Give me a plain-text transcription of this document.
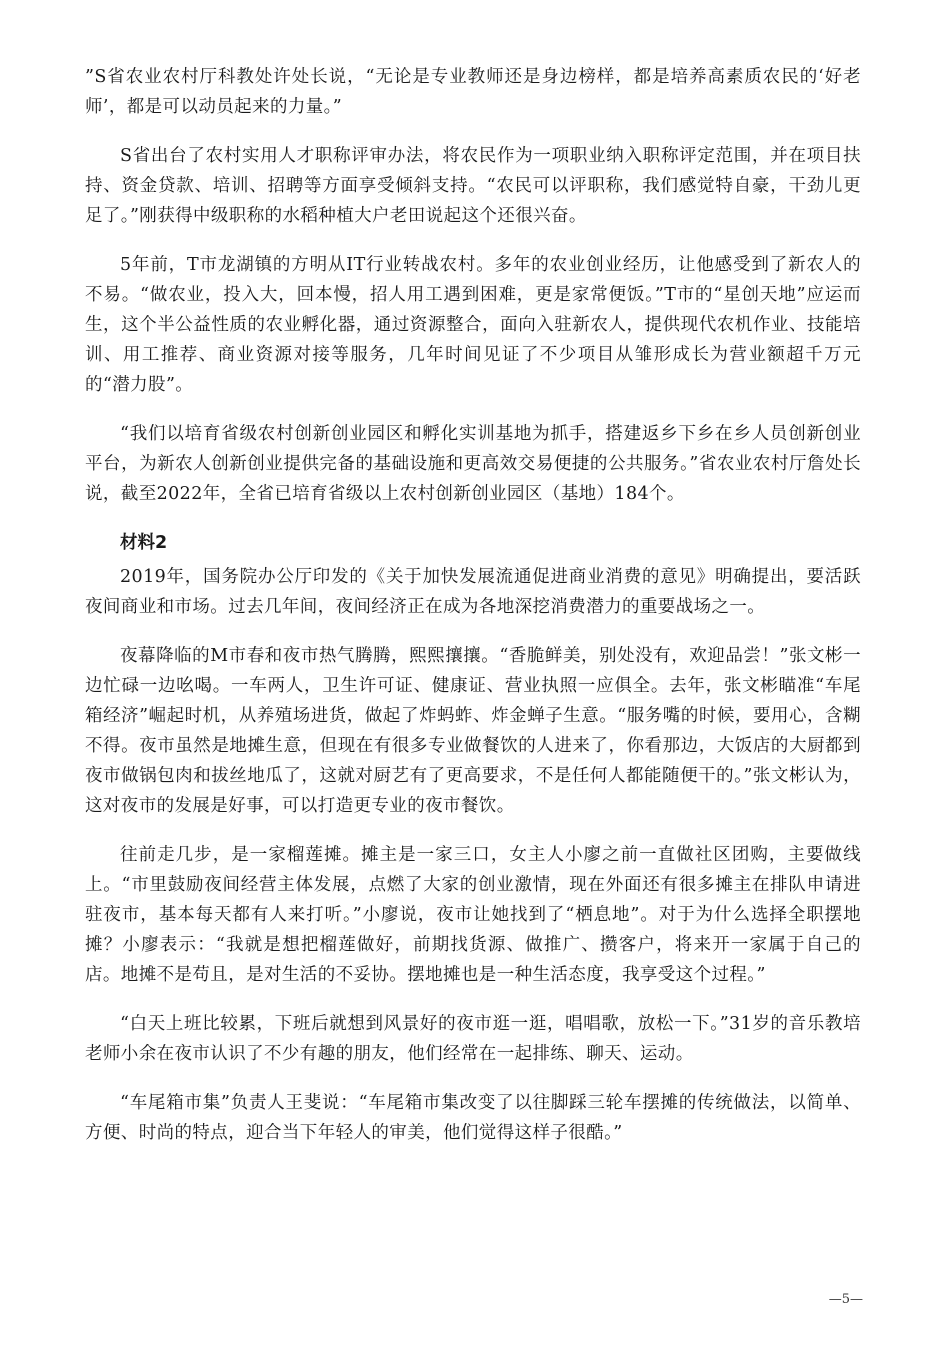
”S省农业农村厅科教处许处长说，“无论是专业教师还是身边榜样，都是培养高素质农民的‘好老师’，都是可以动员起来的力量。”

S省出台了农村实用人才职称评审办法，将农民作为一项职业纳入职称评定范围，并在项目扶持、资金贷款、培训、招聘等方面享受倾斜支持。“农民可以评职称，我们感觉特自豪，干劲儿更足了。”刚获得中级职称的水稻种植大户老田说起这个还很兴奋。

5年前，T市龙湖镇的方明从IT行业转战农村。多年的农业创业经历，让他感受到了新农人的不易。“做农业，投入大，回本慢，招人用工遇到困难，更是家常便饭。”T市的“星创天地”应运而生，这个半公益性质的农业孵化器，通过资源整合，面向入驻新农人，提供现代农机作业、技能培训、用工推荐、商业资源对接等服务，几年时间见证了不少项目从雏形成长为营业额超千万元的“潜力股”。

“我们以培育省级农村创新创业园区和孵化实训基地为抓手，搭建返乡下乡在乡人员创新创业平台，为新农人创新创业提供完备的基础设施和更高效交易便捷的公共服务。”省农业农村厅詹处长说，截至2022年，全省已培育省级以上农村创新创业园区（基地）184个。

材料2

2019年，国务院办公厅印发的《关于加快发展流通促进商业消费的意见》明确提出，要活跃夜间商业和市场。过去几年间，夜间经济正在成为各地深挖消费潜力的重要战场之一。

夜幕降临的M市春和夜市热气腾腾，熙熙攘攘。“香脆鲜美，别处没有，欢迎品尝！”张文彬一边忙碌一边吆喝。一车两人，卫生许可证、健康证、营业执照一应俱全。去年，张文彬瞄准“车尾箱经济”崛起时机，从养殖场进货，做起了炸蚂蚱、炸金蝉子生意。“服务嘴的时候，要用心，含糊不得。夜市虽然是地摊生意，但现在有很多专业做餐饮的人进来了，你看那边，大饭店的大厨都到夜市做锅包肉和拔丝地瓜了，这就对厨艺有了更高要求，不是任何人都能随便干的。”张文彬认为，这对夜市的发展是好事，可以打造更专业的夜市餐饮。

往前走几步，是一家榴莲摊。摊主是一家三口，女主人小廖之前一直做社区团购，主要做线上。“市里鼓励夜间经营主体发展，点燃了大家的创业激情，现在外面还有很多摊主在排队申请进驻夜市，基本每天都有人来打听。”小廖说，夜市让她找到了“栖息地”。对于为什么选择全职摆地摊？小廖表示：“我就是想把榴莲做好，前期找货源、做推广、攒客户，将来开一家属于自己的店。地摊不是苟且，是对生活的不妥协。摆地摊也是一种生活态度，我享受这个过程。”

“白天上班比较累，下班后就想到风景好的夜市逛一逛，唱唱歌，放松一下。”31岁的音乐教培老师小余在夜市认识了不少有趣的朋友，他们经常在一起排练、聊天、运动。

“车尾箱市集”负责人王斐说：“车尾箱市集改变了以往脚踩三轮车摆摊的传统做法，以简单、方便、时尚的特点，迎合当下年轻人的审美，他们觉得这样子很酷。”

—5—
